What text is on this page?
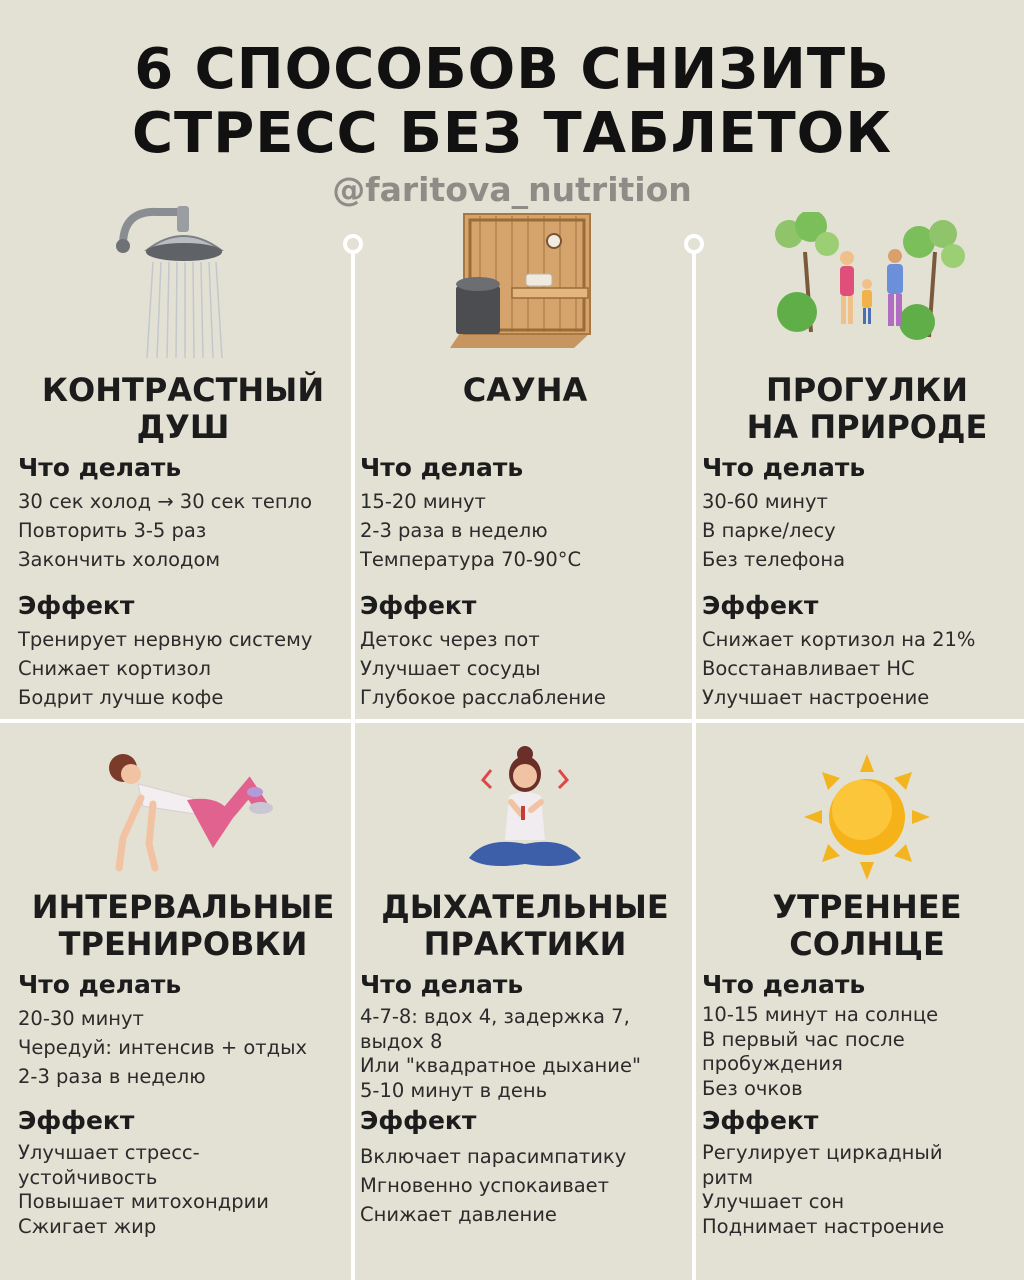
6 СПОСОБОВ СНИЗИТЬ
СТРЕСС БЕЗ ТАБЛЕТОК
@faritova_nutrition
КОНТРАСТНЫЙ
ДУШ
Что делать
30 сек холод → 30 сек тепло
Повторить 3-5 раз
Закончить холодом
Эффект
Тренирует нервную систему
Снижает кортизол
Бодрит лучше кофе
САУНА
Что делать
15-20 минут
2-3 раза в неделю
Температура 70-90°C
Эффект
Детокс через пот
Улучшает сосуды
Глубокое расслабление
ПРОГУЛКИ
НА ПРИРОДЕ
Что делать
30-60 минут
В парке/лесу
Без телефона
Эффект
Снижает кортизол на 21%
Восстанавливает НС
Улучшает настроение
ИНТЕРВАЛЬНЫЕ
ТРЕНИРОВКИ
Что делать
20-30 минут
Чередуй: интенсив + отдых
2-3 раза в неделю
Эффект
Улучшает стресс-
устойчивость
Повышает митохондрии
Сжигает жир
ДЫХАТЕЛЬНЫЕ
ПРАКТИКИ
Что делать
4-7-8: вдох 4, задержка 7,
выдох 8
Или "квадратное дыхание"
5-10 минут в день
Эффект
Включает парасимпатику
Мгновенно успокаивает
Снижает давление
УТРЕННЕЕ
СОЛНЦЕ
Что делать
10-15 минут на солнце
В первый час после
пробуждения
Без очков
Эффект
Регулирует циркадный
ритм
Улучшает сон
Поднимает настроение
